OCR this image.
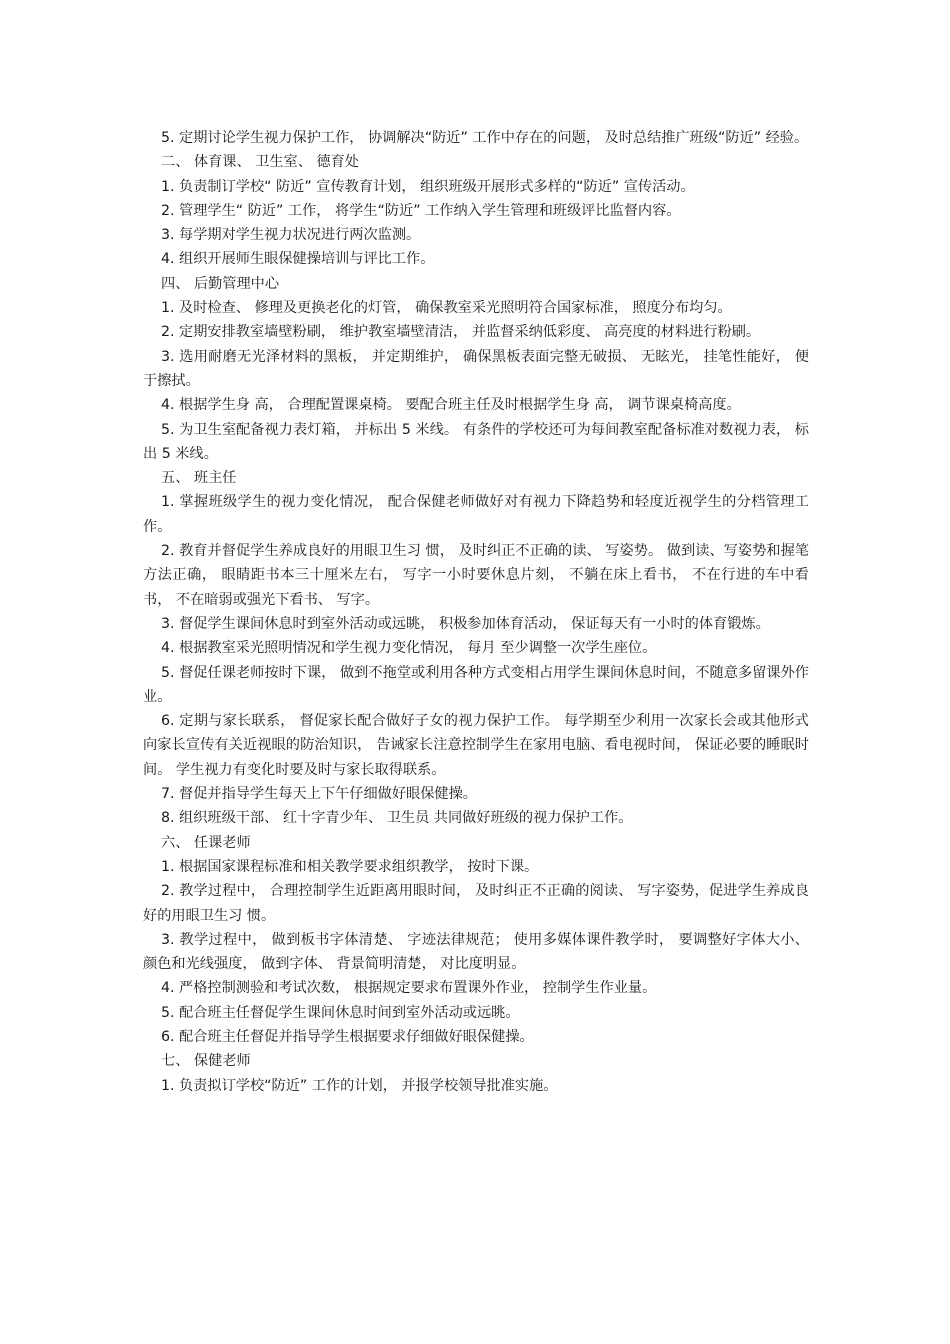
5. 定期讨论学生视力保护工作， 协调解决“防近” 工作中存在的问题， 及时总结推广班级“防近” 经验。

二、 体育课、 卫生室、 德育处

1. 负责制订学校“ 防近” 宣传教育计划， 组织班级开展形式多样的“防近” 宣传活动。

2. 管理学生“ 防近” 工作， 将学生“防近” 工作纳入学生管理和班级评比监督内容。

3. 每学期对学生视力状况进行两次监测。

4. 组织开展师生眼保健操培训与评比工作。

四、 后勤管理中心

1. 及时检查、 修理及更换老化的灯管， 确保教室采光照明符合国家标准， 照度分布均匀。

2. 定期安排教室墙壁粉刷， 维护教室墙壁清洁， 并监督采纳低彩度、 高亮度的材料进行粉刷。

3. 选用耐磨无光泽材料的黑板， 并定期维护， 确保黑板表面完整无破损、 无眩光， 挂笔性能好， 便于擦拭。

4. 根据学生身 高， 合理配置课桌椅。 要配合班主任及时根据学生身 高， 调节课桌椅高度。

5. 为卫生室配备视力表灯箱， 并标出 5 米线。 有条件的学校还可为每间教室配备标准对数视力表， 标出 5 米线。

五、 班主任

1. 掌握班级学生的视力变化情况， 配合保健老师做好对有视力下降趋势和轻度近视学生的分档管理工作。

2. 教育并督促学生养成良好的用眼卫生习 惯， 及时纠正不正确的读、 写姿势。 做到读、写姿势和握笔方法正确， 眼睛距书本三十厘米左右， 写字一小时要休息片刻， 不躺在床上看书， 不在行进的车中看书， 不在暗弱或强光下看书、 写字。

3. 督促学生课间休息时到室外活动或远眺， 积极参加体育活动， 保证每天有一小时的体育锻炼。

4. 根据教室采光照明情况和学生视力变化情况， 每月 至少调整一次学生座位。

5. 督促任课老师按时下课， 做到不拖堂或利用各种方式变相占用学生课间休息时间，不随意多留课外作业。

6. 定期与家长联系， 督促家长配合做好子女的视力保护工作。 每学期至少利用一次家长会或其他形式向家长宣传有关近视眼的防治知识， 告诫家长注意控制学生在家用电脑、看电视时间， 保证必要的睡眠时间。 学生视力有变化时要及时与家长取得联系。

7. 督促并指导学生每天上下午仔细做好眼保健操。

8. 组织班级干部、 红十字青少年、 卫生员 共同做好班级的视力保护工作。

六、 任课老师

1. 根据国家课程标准和相关教学要求组织教学， 按时下课。

2. 教学过程中， 合理控制学生近距离用眼时间， 及时纠正不正确的阅读、 写字姿势，促进学生养成良好的用眼卫生习 惯。

3. 教学过程中， 做到板书字体清楚、 字迹法律规范； 使用多媒体课件教学时， 要调整好字体大小、 颜色和光线强度， 做到字体、 背景简明清楚， 对比度明显。

4. 严格控制测验和考试次数， 根据规定要求布置课外作业， 控制学生作业量。

5. 配合班主任督促学生课间休息时间到室外活动或远眺。

6. 配合班主任督促并指导学生根据要求仔细做好眼保健操。

七、 保健老师

1. 负责拟订学校“防近” 工作的计划， 并报学校领导批准实施。
